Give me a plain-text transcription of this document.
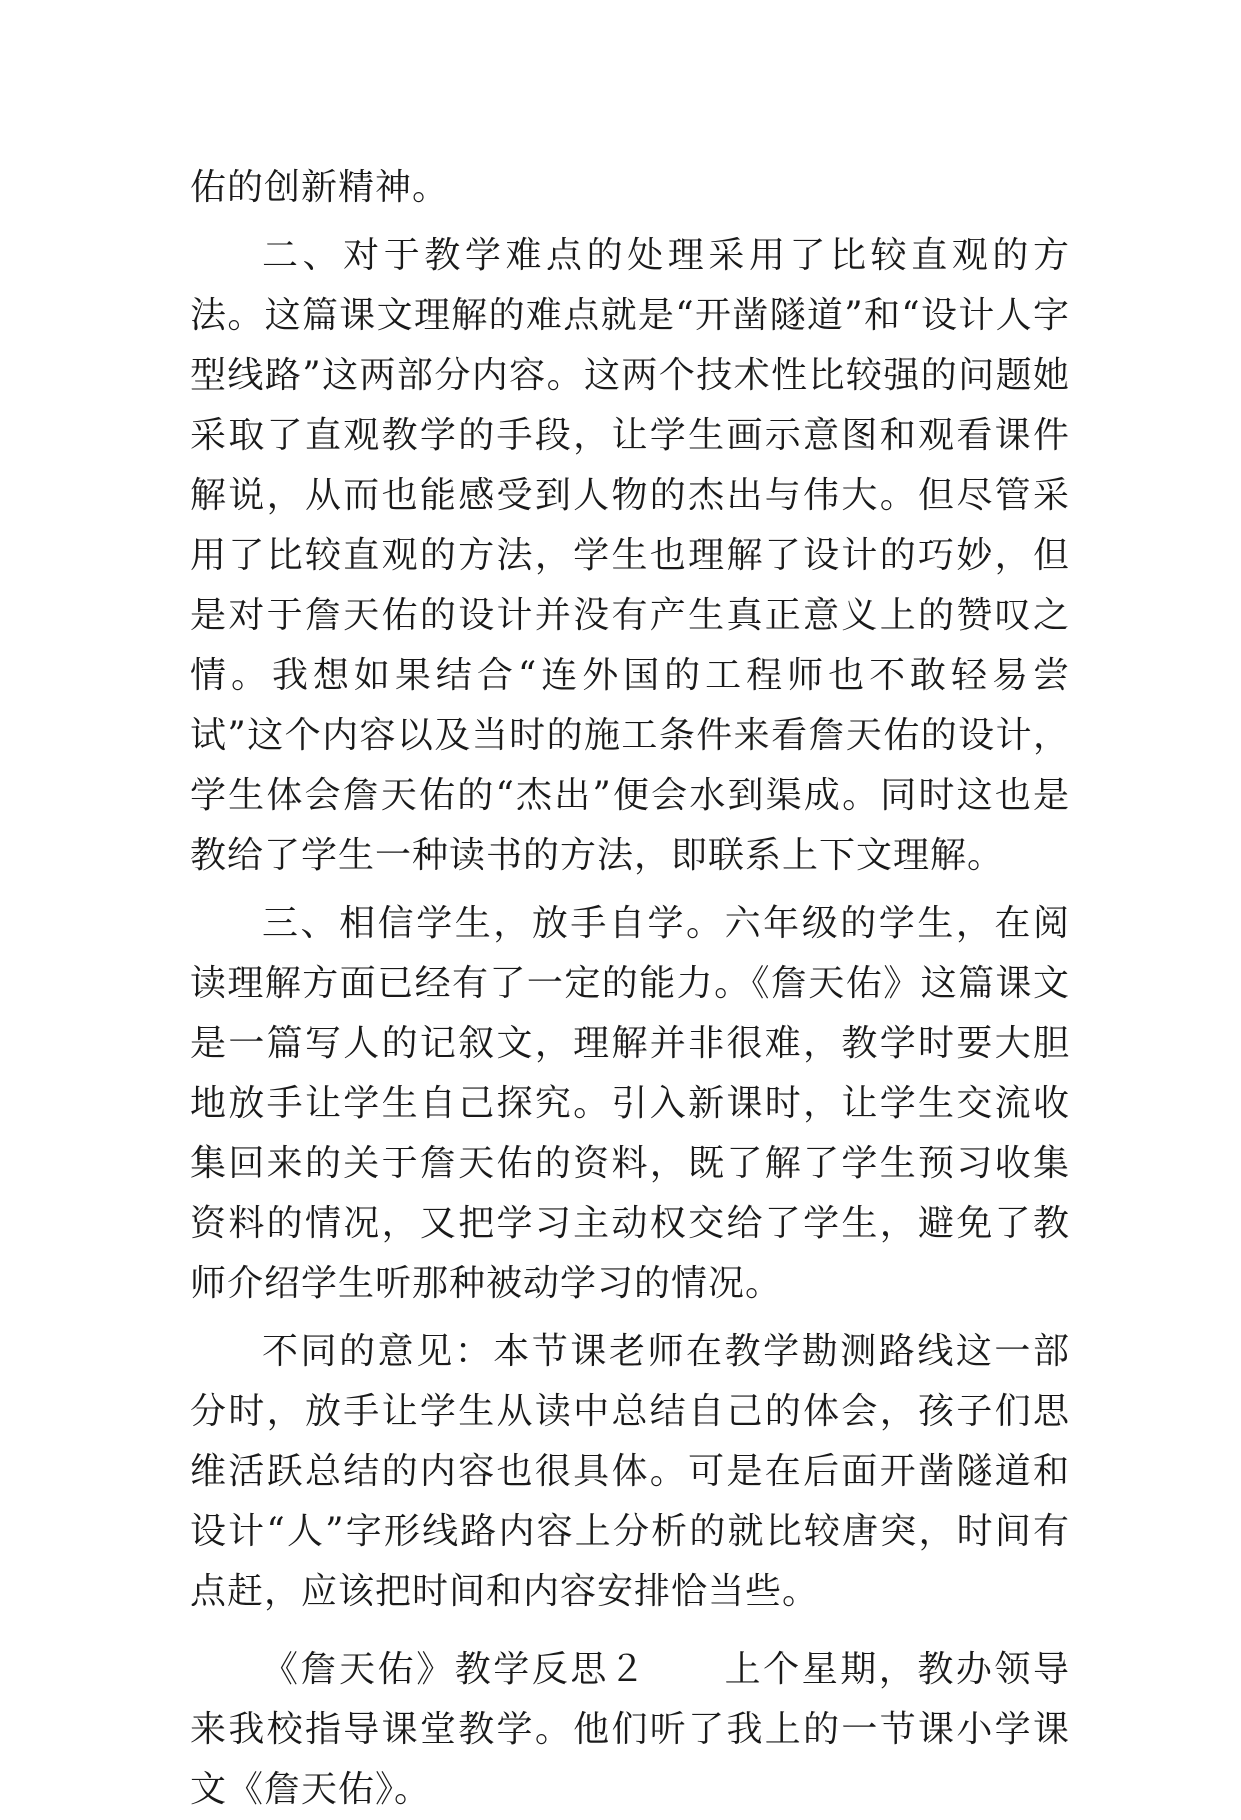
佑的创新精神。

二、对于教学难点的处理采用了比较直观的方法。这篇课文理解的难点就是“开凿隧道”和“设计人字型线路”这两部分内容。这两个技术性比较强的问题她采取了直观教学的手段，让学生画示意图和观看课件解说，从而也能感受到人物的杰出与伟大。但尽管采用了比较直观的方法，学生也理解了设计的巧妙，但是对于詹天佑的设计并没有产生真正意义上的赞叹之情。我想如果结合“连外国的工程师也不敢轻易尝试”这个内容以及当时的施工条件来看詹天佑的设计，学生体会詹天佑的“杰出”便会水到渠成。同时这也是教给了学生一种读书的方法，即联系上下文理解。

三、相信学生，放手自学。六年级的学生，在阅读理解方面已经有了一定的能力。《詹天佑》这篇课文是一篇写人的记叙文，理解并非很难，教学时要大胆地放手让学生自己探究。引入新课时，让学生交流收集回来的关于詹天佑的资料，既了解了学生预习收集资料的情况，又把学习主动权交给了学生，避免了教师介绍学生听那种被动学习的情况。

不同的意见：本节课老师在教学勘测路线这一部分时，放手让学生从读中总结自己的体会，孩子们思维活跃总结的内容也很具体。可是在后面开凿隧道和设计“人”字形线路内容上分析的就比较唐突，时间有点赶，应该把时间和内容安排恰当些。

《詹天佑》教学反思２　　上个星期，教办领导来我校指导课堂教学。他们听了我上的一节课小学课文《詹天佑》。
